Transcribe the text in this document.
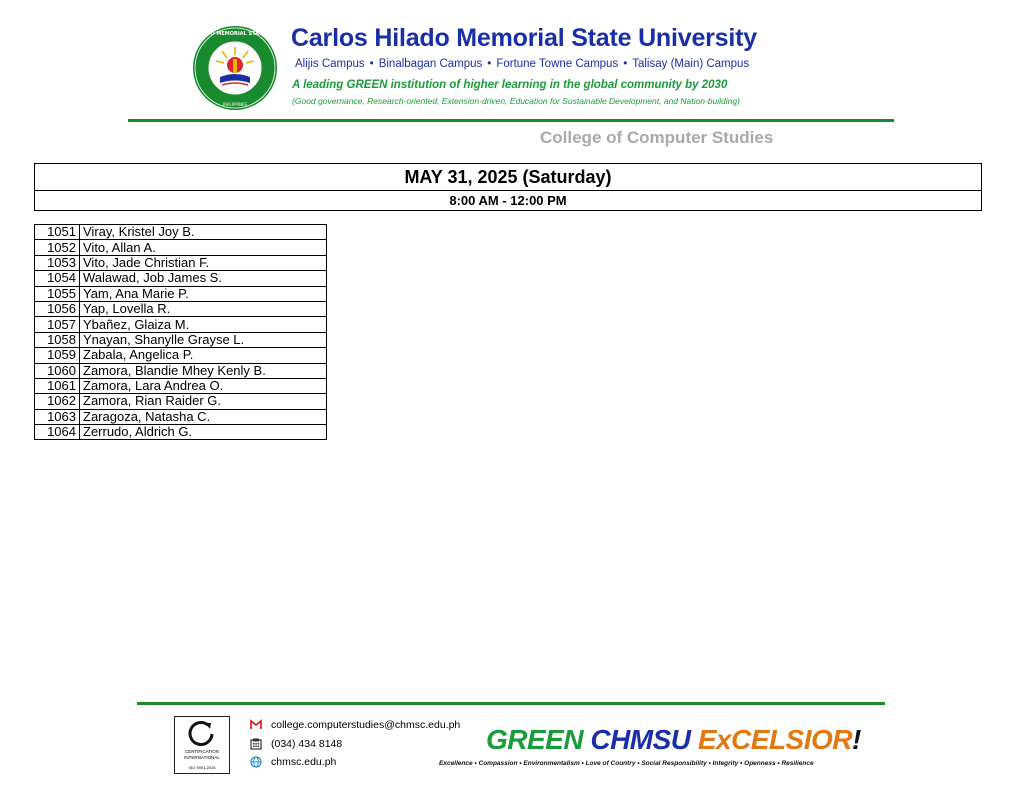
CARLOS HILADO MEMORIAL STATE UNIVERSITY
PHILIPPINES
Carlos Hilado Memorial State University
Alijis Campus • Binalbagan Campus • Fortune Towne Campus • Talisay (Main) Campus
A leading GREEN institution of higher learning in the global community by 2030
(Good governance, Research-oriented, Extension-driven, Education for Sustainable Development, and Nation-building)
College of Computer Studies
MAY 31, 2025 (Saturday)
8:00 AM - 12:00 PM
1051	Viray, Kristel Joy B.
1052	Vito, Allan A.
1053	Vito, Jade Christian F.
1054	Walawad, Job James S.
1055	Yam, Ana Marie P.
1056	Yap, Lovella R.
1057	Ybañez, Glaiza M.
1058	Ynayan, Shanylle Grayse L.
1059	Zabala, Angelica P.
1060	Zamora, Blandie Mhey Kenly B.
1061	Zamora, Lara Andrea O.
1062	Zamora, Rian Raider G.
1063	Zaragoza, Natasha C.
1064	Zerrudo, Aldrich G.
CERTIFICATION
INTERNATIONAL
ISO 9001:2015
college.computerstudies@chmsc.edu.ph
(034) 434 8148
chmsc.edu.ph
GREEN CHMSU ExCELSIOR!
Excellence • Compassion • Environmentalism • Love of Country • Social Responsibility • Integrity • Openness • Resilience
